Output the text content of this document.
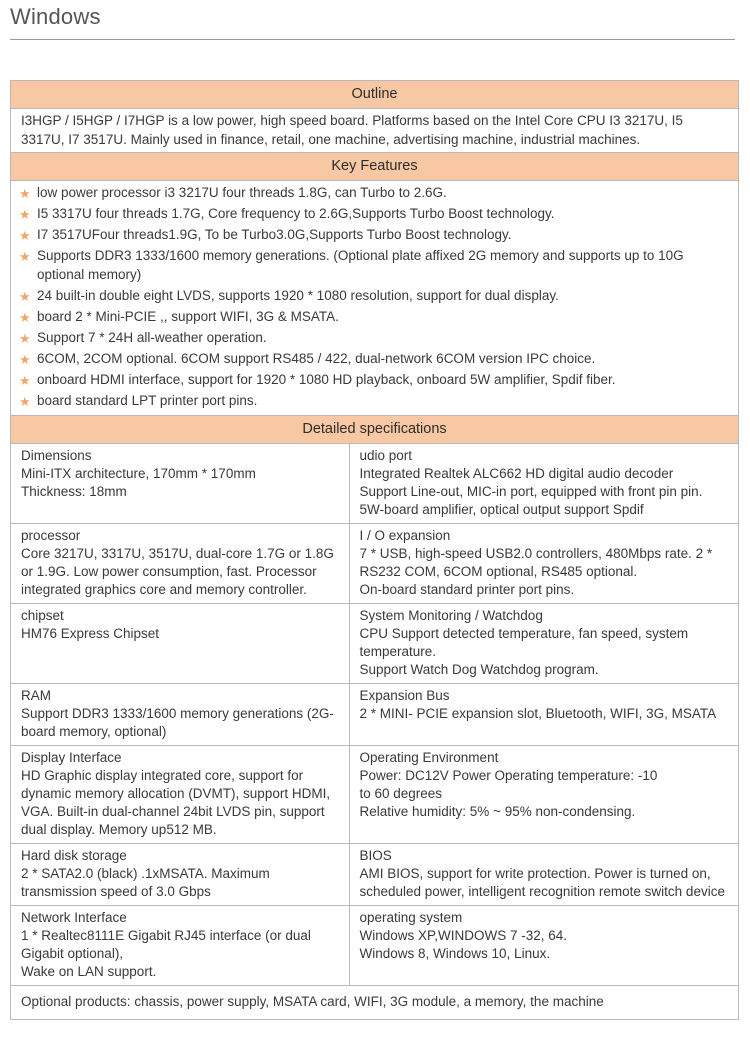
Windows
Outline
I3HGP / I5HGP / I7HGP is a low power, high speed board. Platforms based on the Intel Core CPU I3 3217U, I5 3317U, I7 3517U. Mainly used in finance, retail, one machine, advertising machine, industrial machines.
Key Features
★ low power processor i3 3217U four threads 1.8G, can Turbo to 2.6G.
★ I5 3317U four threads 1.7G, Core frequency to 2.6G,Supports Turbo Boost technology.
★ I7 3517UFour threads1.9G, To be Turbo3.0G,Supports Turbo Boost technology.
★ Supports DDR3 1333/1600 memory generations. (Optional plate affixed 2G memory and supports up to 10G optional memory)
★ 24 built-in double eight LVDS, supports 1920 * 1080 resolution, support for dual display.
★ board 2 * Mini-PCIE ,, support WIFI, 3G & MSATA.
★ Support 7 * 24H all-weather operation.
★ 6COM, 2COM optional. 6COM support RS485 / 422, dual-network 6COM version IPC choice.
★ onboard HDMI interface, support for 1920 * 1080 HD playback, onboard 5W amplifier, Spdif fiber.
★ board standard LPT printer port pins.
Detailed specifications
Dimensions
Mini-ITX architecture, 170mm * 170mm
Thickness: 18mm	udio port
Integrated Realtek ALC662 HD digital audio decoder
Support Line-out, MIC-in port, equipped with front pin pin.
5W-board amplifier, optical output support Spdif

processor
Core 3217U, 3317U, 3517U, dual-core 1.7G or 1.8G or 1.9G. Low power consumption, fast. Processor integrated graphics core and memory controller.	I / O expansion
7 * USB, high-speed USB2.0 controllers, 480Mbps rate. 2 * RS232 COM, 6COM optional, RS485 optional.
On-board standard printer port pins.

chipset
HM76 Express Chipset	System Monitoring / Watchdog
CPU Support detected temperature, fan speed, system temperature.
Support Watch Dog Watchdog program.

RAM
Support DDR3 1333/1600 memory generations (2G-board memory, optional)	Expansion Bus
2 * MINI- PCIE expansion slot, Bluetooth, WIFI, 3G, MSATA

Display Interface
HD Graphic display integrated core, support for dynamic memory allocation (DVMT), support HDMI, VGA. Built-in dual-channel 24bit LVDS pin, support dual display. Memory up512 MB.	Operating Environment
Power: DC12V Power Operating temperature: -10
to 60 degrees
Relative humidity: 5% ~ 95% non-condensing.

Hard disk storage
2 * SATA2.0 (black) .1xMSATA. Maximum transmission speed of 3.0 Gbps	BIOS
AMI BIOS, support for write protection. Power is turned on, scheduled power, intelligent recognition remote switch device

Network Interface
1 * Realtec8111E Gigabit RJ45 interface (or dual Gigabit optional),
Wake on LAN support.	operating system
Windows XP,WINDOWS 7 -32, 64.
Windows 8, Windows 10, Linux.
Optional products: chassis, power supply, MSATA card, WIFI, 3G module, a memory, the machine
